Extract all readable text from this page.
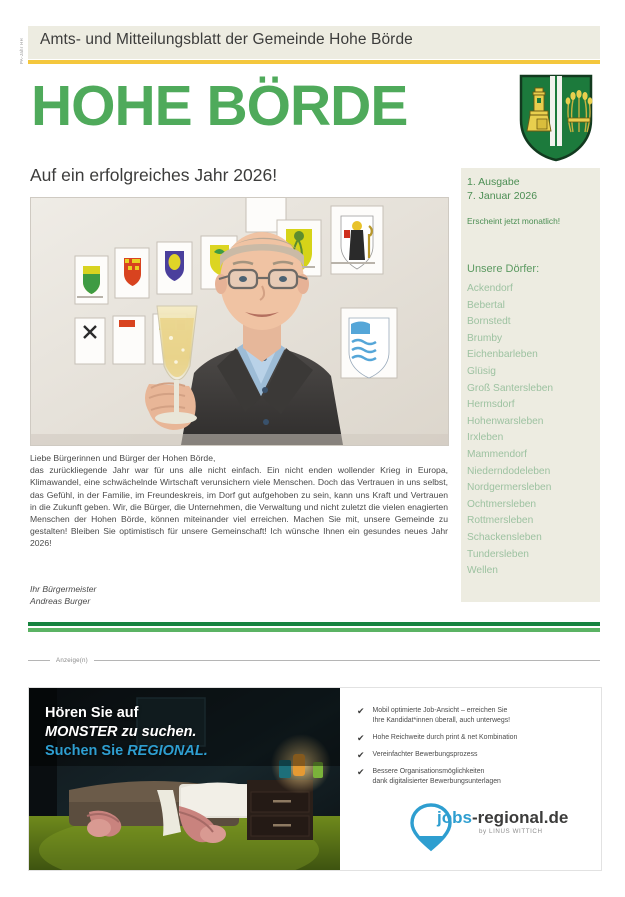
PA-Jahr HH Amts- und Mitteilungsblatt der Gemeinde Hohe Börde
HOHE BÖRDE
Auf ein erfolgreiches Jahr 2026!

Liebe Bürgerinnen und Bürger der Hohen Börde,

das zurückliegende Jahr war für uns alle nicht einfach. Ein nicht enden wollender Krieg in Europa, Klimawandel, eine schwächelnde Wirtschaft verunsichern viele Menschen. Doch das Vertrauen in uns selbst, das Gefühl, in der Familie, im Freundeskreis, im Dorf gut aufgehoben zu sein, kann uns Kraft und Vertrauen in die Zukunft geben. Wir, die Bürger, die Unternehmen, die Verwaltung und nicht zuletzt die vielen enagierten Menschen der Hohen Börde, können miteinander viel erreichen. Machen Sie mit, unsere Gemeinde zu gestalten! Bleiben Sie optimistisch für unsere Gemeinschaft! Ich wünsche Ihnen ein gesundes neues Jahr 2026!

Ihr Bürgermeister
Andreas Burger
1. Ausgabe
7. Januar 2026
Erscheint jetzt monatlich!
Unsere Dörfer:
Ackendorf
Bebertal
Bornstedt
Brumby
Eichenbarleben
Glüsig
Groß Santersleben
Hermsdorf
Hohenwarsleben
Irxleben
Mammendorf
Niederndodeleben
Nordgermersleben
Ochtmersleben
Rottmersleben
Schackensleben
Tundersleben
Wellen
Anzeige(n)
Hören Sie auf
MONSTER zu suchen.
Suchen Sie REGIONAL.
✔ Mobil optimierte Job-Ansicht – erreichen Sie
Ihre Kandidat*innen überall, auch unterwegs!
✔ Hohe Reichweite durch print & net Kombination
✔ Vereinfachter Bewerbungsprozess
✔ Bessere Organisationsmöglichkeiten
dank digitalisierter Bewerbungsunterlagen
jobs-regional.de
by LINUS WITTICH
